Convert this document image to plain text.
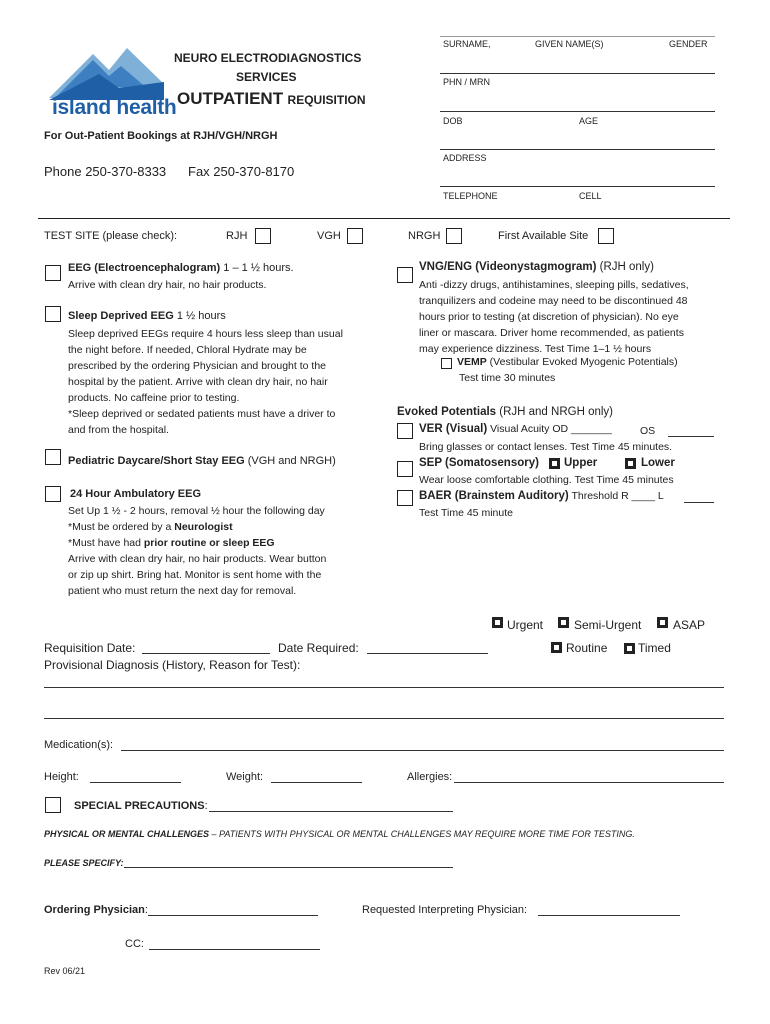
island health
NEURO ELECTRODIAGNOSTICS
SERVICES
OUTPATIENT REQUISITION
For Out-Patient Bookings at RJH/VGH/NRGH
Phone 250-370-8333 Fax 250-370-8170
SURNAME,	GIVEN NAME(S)	GENDER
PHN / MRN
DOB	AGE
ADDRESS
TELEPHONE	CELL
TEST SITE (please check):	RJH	VGH	NRGH	First Available Site
EEG (Electroencephalogram) 1 – 1 ½ hours.
Arrive with clean dry hair, no hair products.
Sleep Deprived EEG 1 ½ hours
Sleep deprived EEGs require 4 hours less sleep than usual
the night before. If needed, Chloral Hydrate may be
prescribed by the ordering Physician and brought to the
hospital by the patient. Arrive with clean dry hair, no hair
products. No caffeine prior to testing.
*Sleep deprived or sedated patients must have a driver to
and from the hospital.
Pediatric Daycare/Short Stay EEG (VGH and NRGH)
24 Hour Ambulatory EEG
Set Up 1 ½ - 2 hours, removal ½ hour the following day
*Must be ordered by a Neurologist
*Must have had prior routine or sleep EEG
Arrive with clean dry hair, no hair products. Wear button
or zip up shirt. Bring hat. Monitor is sent home with the
patient who must return the next day for removal.
VNG/ENG (Videonystagmogram) (RJH only)
Anti -dizzy drugs, antihistamines, sleeping pills, sedatives,
tranquilizers and codeine may need to be discontinued 48
hours prior to testing (at discretion of physician). No eye
liner or mascara. Driver home recommended, as patients
may experience dizziness. Test Time 1–1 ½ hours
VEMP (Vestibular Evoked Myogenic Potentials)
Test time 30 minutes
Evoked Potentials (RJH and NRGH only)
VER (Visual) Visual Acuity OD _______	OS
Bring glasses or contact lenses. Test Time 45 minutes.
SEP (Somatosensory) Upper	Lower
Wear loose comfortable clothing. Test Time 45 minutes
BAER (Brainstem Auditory) Threshold R ____ L
Test Time 45 minute
Urgent	Semi-Urgent	ASAP
Routine	Timed
Requisition Date:	Date Required:
Provisional Diagnosis (History, Reason for Test):
Medication(s):
Height:	Weight:	Allergies:
SPECIAL PRECAUTIONS:
PHYSICAL OR MENTAL CHALLENGES – PATIENTS WITH PHYSICAL OR MENTAL CHALLENGES MAY REQUIRE MORE TIME FOR TESTING.
PLEASE SPECIFY:
Ordering Physician:	Requested Interpreting Physician:
CC:
Rev 06/21
